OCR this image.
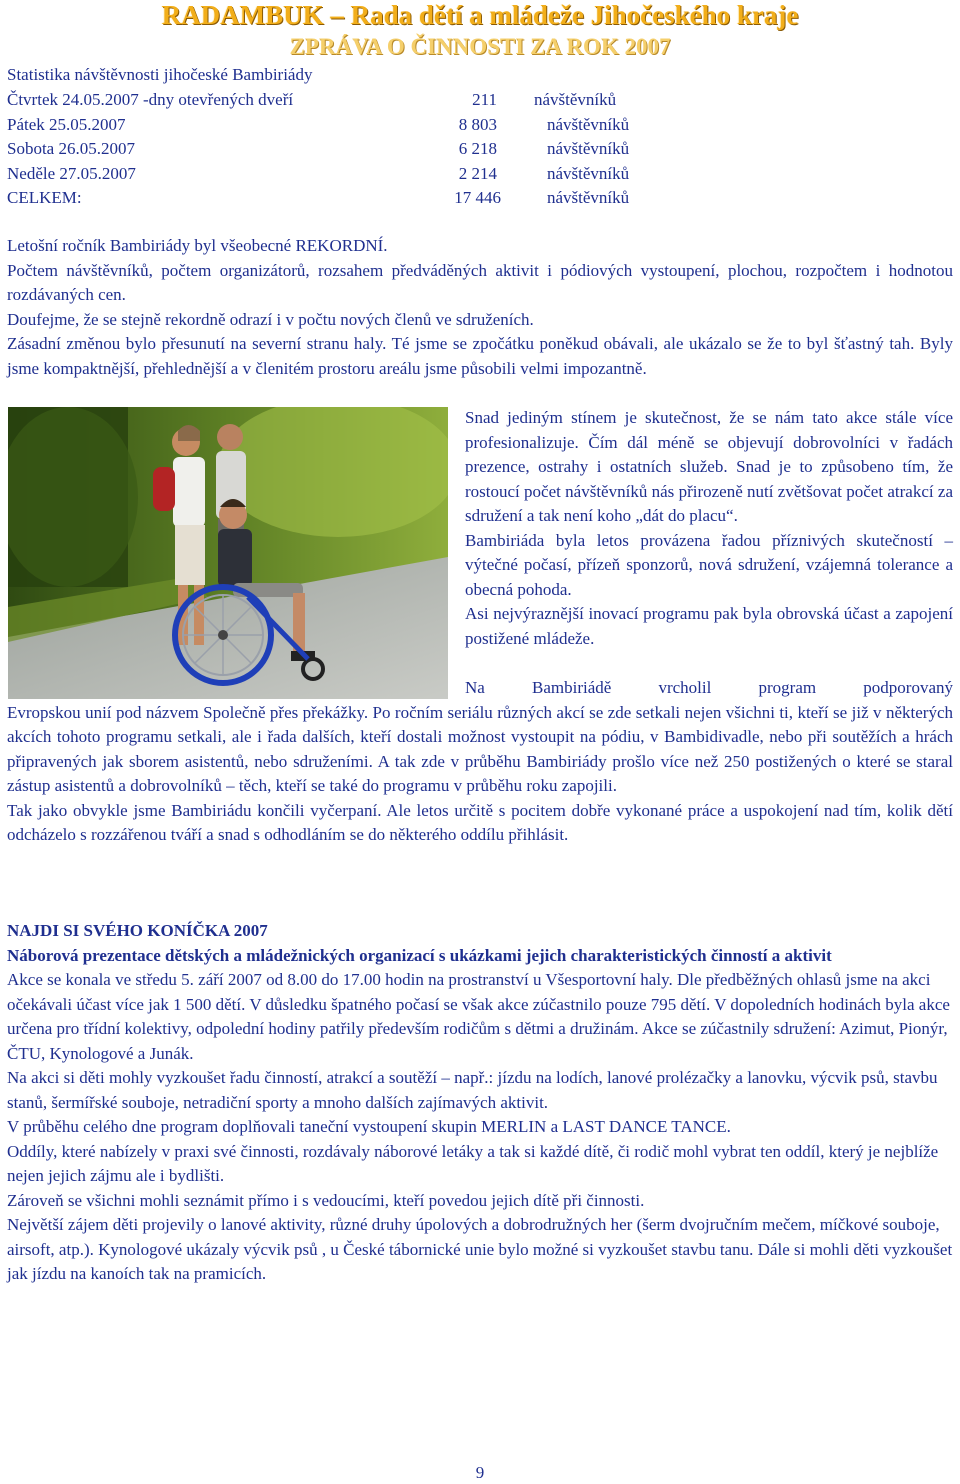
RADAMBUK – Rada dětí a mládeže Jihočeského kraje
ZPRÁVA O ČINNOSTI ZA ROK 2007
Statistika návštěvnosti jihočeské Bambiriády
Čtvrtek 24.05.2007 -dny otevřených dveří	211 návštěvníků
Pátek 25.05.2007	8 803	návštěvníků
Sobota 26.05.2007	6 218	návštěvníků
Neděle 27.05.2007	2 214	návštěvníků
CELKEM:	17 446	návštěvníků

Letošní ročník Bambiriády byl všeobecné REKORDNÍ.

Počtem návštěvníků, počtem organizátorů, rozsahem předváděných aktivit i pódiových vystoupení, plochou, rozpočtem i hodnotou rozdávaných cen.

Doufejme, že se stejně rekordně odrazí i v počtu nových členů ve sdruženích.

Zásadní změnou bylo přesunutí na severní stranu haly. Té jsme se zpočátku poněkud obávali, ale ukázalo se že to byl šťastný tah. Byly jsme kompaktnější, přehlednější a v členitém prostoru areálu jsme působili velmi impozantně.

Snad jediným stínem je skutečnost, že se nám tato akce stále více profesionalizuje. Čím dál méně se objevují dobrovolníci v řadách prezence, ostrahy i ostatních služeb. Snad je to způsobeno tím, že rostoucí počet návštěvníků nás přirozeně nutí zvětšovat počet atrakcí za sdružení a tak není koho „dát do placu“.

Bambiriáda byla letos provázena řadou příznivých skutečností – výtečné počasí, přízeň sponzorů, nová sdružení, vzájemná tolerance a obecná pohoda.

Asi nejvýraznější inovací programu pak byla obrovská účast a zapojení postižené mládeže.

Na Bambiriádě vrcholil program podporovaný
Evropskou unií pod názvem Společně přes překážky. Po ročním seriálu různých akcí se zde setkali nejen všichni ti, kteří se již v některých akcích tohoto programu setkali, ale i řada dalších, kteří dostali možnost vystoupit na pódiu, v Bambidivadle, nebo při soutěžích a hrách připravených jak sborem asistentů, nebo sdruženími. A tak zde v průběhu Bambiriády prošlo více než 250 postižených o které se staral zástup asistentů a dobrovolníků – těch, kteří se také do programu v průběhu roku zapojili.

Tak jako obvykle jsme Bambiriádu končili vyčerpaní. Ale letos určitě s pocitem dobře vykonané práce a uspokojení nad tím, kolik dětí odcházelo s rozzářenou tváří a snad s odhodláním se do některého oddílu přihlásit.

NAJDI SI SVÉHO KONÍČKA 2007

Náborová prezentace dětských a mládežnických organizací s ukázkami jejich charakteristických činností a aktivit

Akce se konala ve středu 5. září 2007 od 8.00 do 17.00 hodin na prostranství u Všesportovní haly. Dle předběžných ohlasů jsme na akci očekávali účast více jak 1 500 dětí. V důsledku špatného počasí se však akce zúčastnilo pouze 795 dětí. V dopoledních hodinách byla akce určena pro třídní kolektivy, odpolední hodiny patřily především rodičům s dětmi a družinám. Akce se zúčastnily sdružení: Azimut, Pionýr, ČTU, Kynologové a Junák.

Na akci si děti mohly vyzkoušet řadu činností, atrakcí a soutěží – např.: jízdu na lodích, lanové prolézačky a lanovku, výcvik psů, stavbu stanů, šermířské souboje, netradiční sporty a mnoho dalších zajímavých aktivit.

V průběhu celého dne program doplňovali taneční vystoupení skupin MERLIN a LAST DANCE TANCE.

Oddíly, které nabízely v praxi své činnosti, rozdávaly náborové letáky a tak si každé dítě, či rodič mohl vybrat ten oddíl, který je nejblíže nejen jejich zájmu ale i bydlišti.

Zároveň se všichni mohli seznámit přímo i s vedoucími, kteří povedou jejich dítě při činnosti.

Největší zájem děti projevily o lanové aktivity, různé druhy úpolových a dobrodružných her (šerm dvojručním mečem, míčkové souboje, airsoft, atp.). Kynologové ukázaly výcvik psů , u České tábornické unie bylo možné si vyzkoušet stavbu tanu. Dále si mohli děti vyzkoušet jak jízdu na kanoích tak na pramicích.

9
